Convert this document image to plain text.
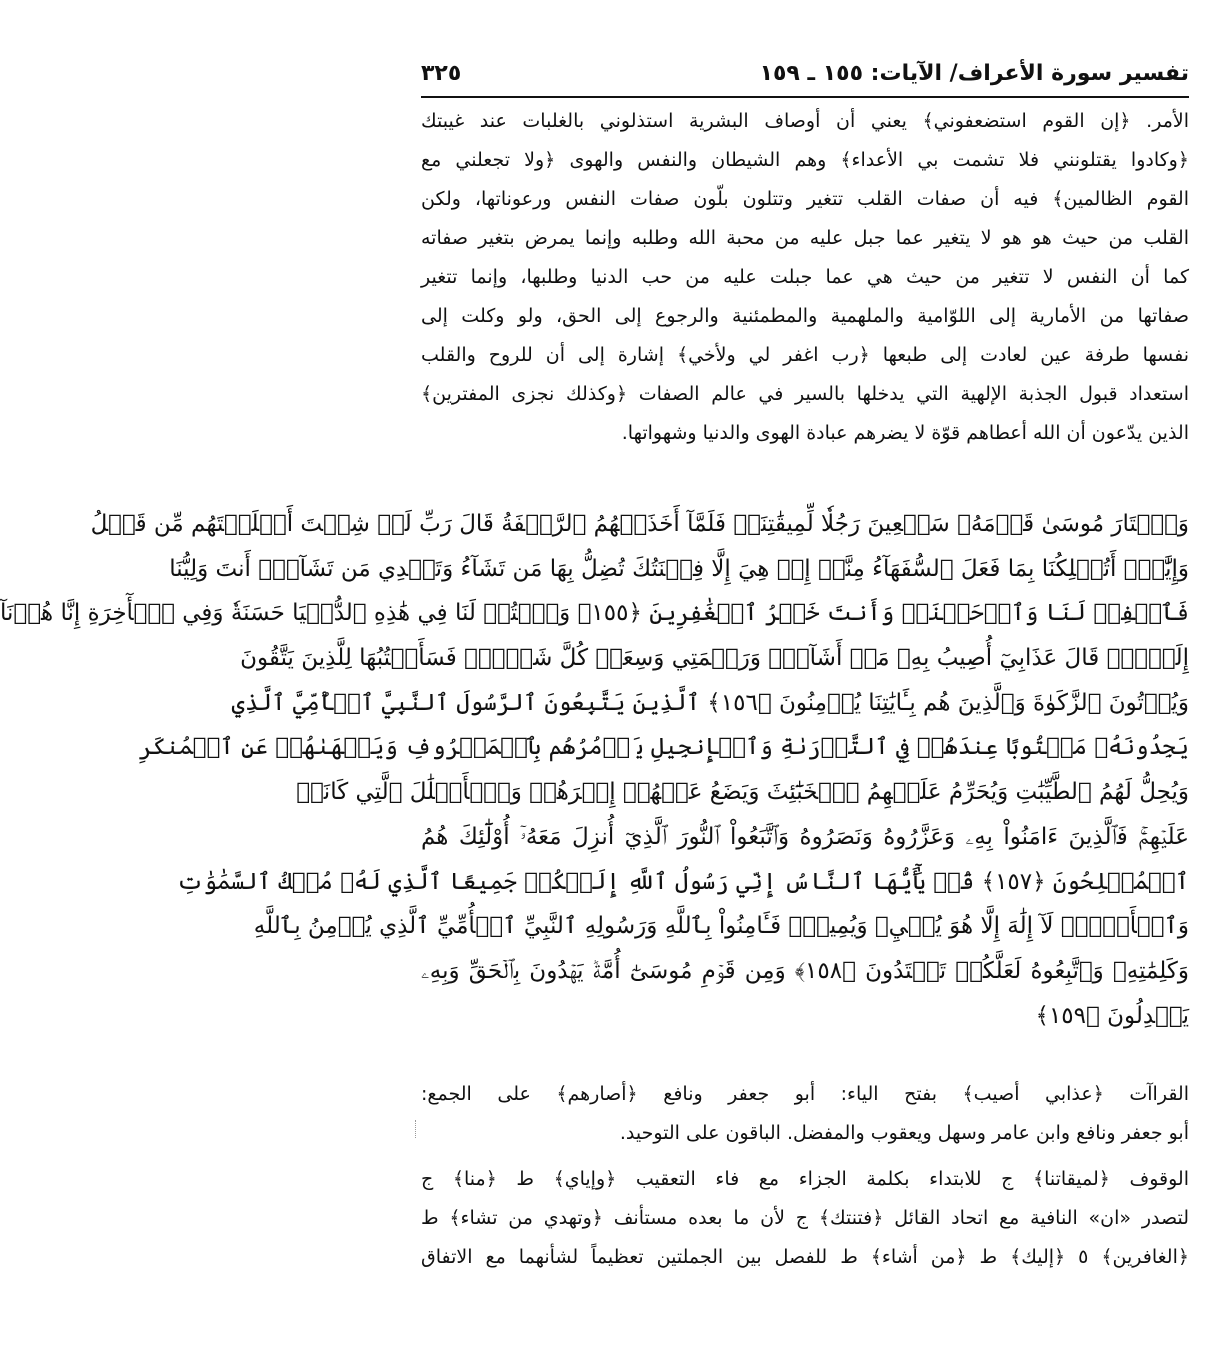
تفسير سورة الأعراف/ الآيات: ١٥٥ ـ ١٥٩
٣٢٥
الأمر. ﴿إن القوم استضعفوني﴾ يعني أن أوصاف البشرية استذلوني بالغلبات عند غيبتك
﴿وكادوا يقتلونني فلا تشمت بي الأعداء﴾ وهم الشيطان والنفس والهوى ﴿ولا تجعلني مع
القوم الظالمين﴾ فيه أن صفات القلب تتغير وتتلون بلّون صفات النفس ورعوناتها، ولكن
القلب من حيث هو هو لا يتغير عما جبل عليه من محبة الله وطلبه وإنما يمرض بتغير صفاته
كما أن النفس لا تتغير من حيث هي عما جبلت عليه من حب الدنيا وطلبها، وإنما تتغير
صفاتها من الأمارية إلى اللوّامية والملهمية والمطمئنية والرجوع إلى الحق، ولو وكلت إلى
نفسها طرفة عين لعادت إلى طبعها ﴿رب اغفر لي ولأخي﴾ إشارة إلى أن للروح والقلب
استعداد قبول الجذبة الإلهية التي يدخلها بالسير في عالم الصفات ﴿وكذلك نجزى المفترين﴾
الذين يدّعون أن الله أعطاهم قوّة لا يضرهم عبادة الهوى والدنيا وشهواتها.
وَٱخۡتَارَ مُوسَىٰ قَوۡمَهُۥ سَبۡعِينَ رَجُلٗا لِّمِيقَٰتِنَاۖ فَلَمَّآ أَخَذَتۡهُمُ ٱلرَّجۡفَةُ قَالَ رَبِّ لَوۡ شِئۡتَ أَهۡلَكۡتَهُم مِّن قَبۡلُ
وَإِيَّٰيَۖ أَتُهۡلِكُنَا بِمَا فَعَلَ ٱلسُّفَهَآءُ مِنَّآۖ إِنۡ هِيَ إِلَّا فِتۡنَتُكَ تُضِلُّ بِهَا مَن تَشَآءُ وَتَهۡدِي مَن تَشَآءُۖ أَنتَ وَلِيُّنَا
فَٱغۡفِرۡ لَنَا وَٱرۡحَمۡنَاۖ وَأَنتَ خَيۡرُ ٱلۡغَٰفِرِينَ ﴿١٥٥﴾ وَٱكۡتُبۡ لَنَا فِي هَٰذِهِ ٱلدُّنۡيَا حَسَنَةٗ وَفِي ٱلۡأٓخِرَةِ إِنَّا هُدۡنَآ
إِلَيۡكَۚ قَالَ عَذَابِيٓ أُصِيبُ بِهِۦ مَنۡ أَشَآءُۖ وَرَحۡمَتِي وَسِعَتۡ كُلَّ شَيۡءٖۚ فَسَأَكۡتُبُهَا لِلَّذِينَ يَتَّقُونَ
وَيُؤۡتُونَ ٱلزَّكَوٰةَ وَٱلَّذِينَ هُم بِـَٔايَٰتِنَا يُؤۡمِنُونَ ﴿١٥٦﴾ ٱلَّذِينَ يَتَّبِعُونَ ٱلرَّسُولَ ٱلنَّبِيَّ ٱلۡأُمِّيَّ ٱلَّذِي
يَجِدُونَهُۥ مَكۡتُوبًا عِندَهُمۡ فِي ٱلتَّوۡرَىٰةِ وَٱلۡإِنجِيلِ يَأۡمُرُهُم بِٱلۡمَعۡرُوفِ وَيَنۡهَىٰهُمۡ عَنِ ٱلۡمُنكَرِ
وَيُحِلُّ لَهُمُ ٱلطَّيِّبَٰتِ وَيُحَرِّمُ عَلَيۡهِمُ ٱلۡخَبَٰٓئِثَ وَيَضَعُ عَنۡهُمۡ إِصۡرَهُمۡ وَٱلۡأَغۡلَٰلَ ٱلَّتِي كَانَتۡ
عَلَيۡهِمۡۚ فَٱلَّذِينَ ءَامَنُواْ بِهِۦ وَعَزَّرُوهُ وَنَصَرُوهُ وَٱتَّبَعُواْ ٱلنُّورَ ٱلَّذِيٓ أُنزِلَ مَعَهُۥٓ أُوْلَٰٓئِكَ هُمُ
ٱلۡمُفۡلِحُونَ ﴿١٥٧﴾ قُلۡ يَٰٓأَيُّهَا ٱلنَّاسُ إِنِّي رَسُولُ ٱللَّهِ إِلَيۡكُمۡ جَمِيعًا ٱلَّذِي لَهُۥ مُلۡكُ ٱلسَّمَٰوَٰتِ
وَٱلۡأَرۡضِۖ لَآ إِلَٰهَ إِلَّا هُوَ يُحۡيِۦ وَيُمِيتُۖ فَـَٔامِنُواْ بِٱللَّهِ وَرَسُولِهِ ٱلنَّبِيِّ ٱلۡأُمِّيِّ ٱلَّذِي يُؤۡمِنُ بِٱللَّهِ
وَكَلِمَٰتِهِۦ وَٱتَّبِعُوهُ لَعَلَّكُمۡ تَهۡتَدُونَ ﴿١٥٨﴾ وَمِن قَوۡمِ مُوسَىٰٓ أُمَّةٞ يَهۡدُونَ بِٱلۡحَقِّ وَبِهِۦ
يَعۡدِلُونَ ﴿١٥٩﴾
القراآت ﴿عذابي أصيب﴾ بفتح الياء: أبو جعفر ونافع ﴿أصارهم﴾ على الجمع:
أبو جعفر ونافع وابن عامر وسهل ويعقوب والمفضل. الباقون على التوحيد.
الوقوف ﴿لميقاتنا﴾ ج للابتداء بكلمة الجزاء مع فاء التعقيب ﴿وإياي﴾ ط ﴿منا﴾ ج
لتصدر «ان» النافية مع اتحاد القائل ﴿فتنتك﴾ ج لأن ما بعده مستأنف ﴿وتهدي من تشاء﴾ ط
﴿الغافرين﴾ ٥ ﴿إليك﴾ ط ﴿من أشاء﴾ ط للفصل بين الجملتين تعظيماً لشأنهما مع الاتفاق
